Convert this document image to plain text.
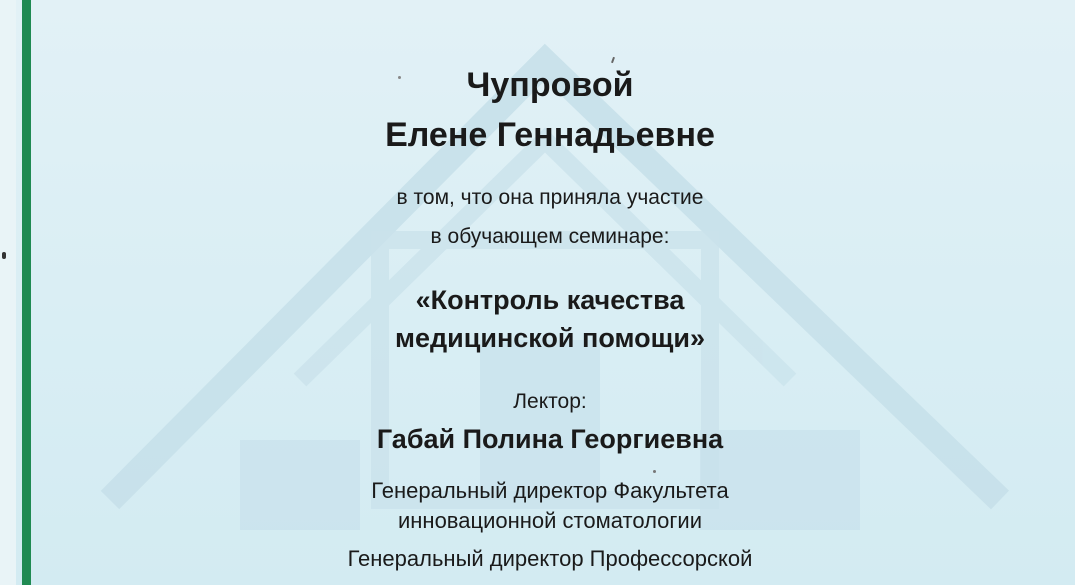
Чупровой
Елене Геннадьевне
в том, что она приняла участие
в обучающем семинаре:
«Контроль качества
медицинской помощи»
Лектор:
Габай Полина Георгиевна
Генеральный директор Факультета
инновационной стоматологии
Генеральный директор Профессорской
